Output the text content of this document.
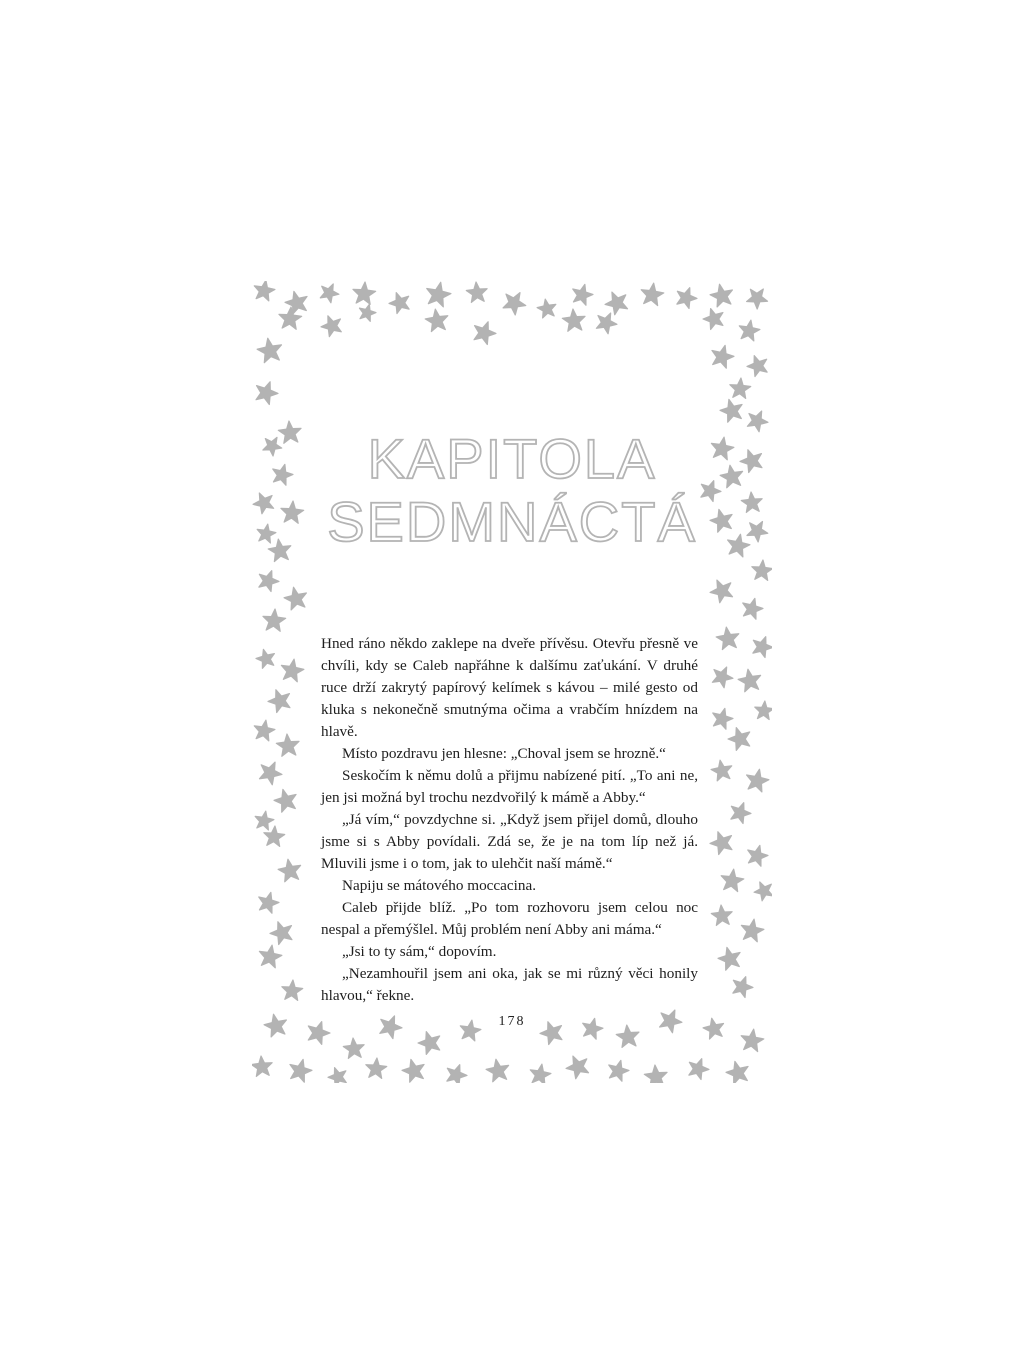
KAPITOLA
SEDMNÁCTÁ

Hned ráno někdo zaklepe na dveře přívěsu. Otevřu přesně ve chvíli, kdy se Caleb napřáhne k dalšímu zaťukání. V druhé ruce drží zakrytý papírový kelímek s kávou – milé gesto od kluka s nekonečně smutnýma očima a vrabčím hnízdem na hlavě.

Místo pozdravu jen hlesne: „Choval jsem se hrozně.“

Seskočím k němu dolů a přijmu nabízené pití. „To ani ne, jen jsi možná byl trochu nezdvořilý k mámě a Abby.“

„Já vím,“ povzdychne si. „Když jsem přijel domů, dlouho jsme si s Abby povídali. Zdá se, že je na tom líp než já. Mluvili jsme i o tom, jak to ulehčit naší mámě.“

Napiju se mátového moccacina.

Caleb přijde blíž. „Po tom rozhovoru jsem celou noc nespal a přemýšlel. Můj problém není Abby ani máma.“

„Jsi to ty sám,“ dopovím.

„Nezamhouřil jsem ani oka, jak se mi různý věci honily hlavou,“ řekne.

178
